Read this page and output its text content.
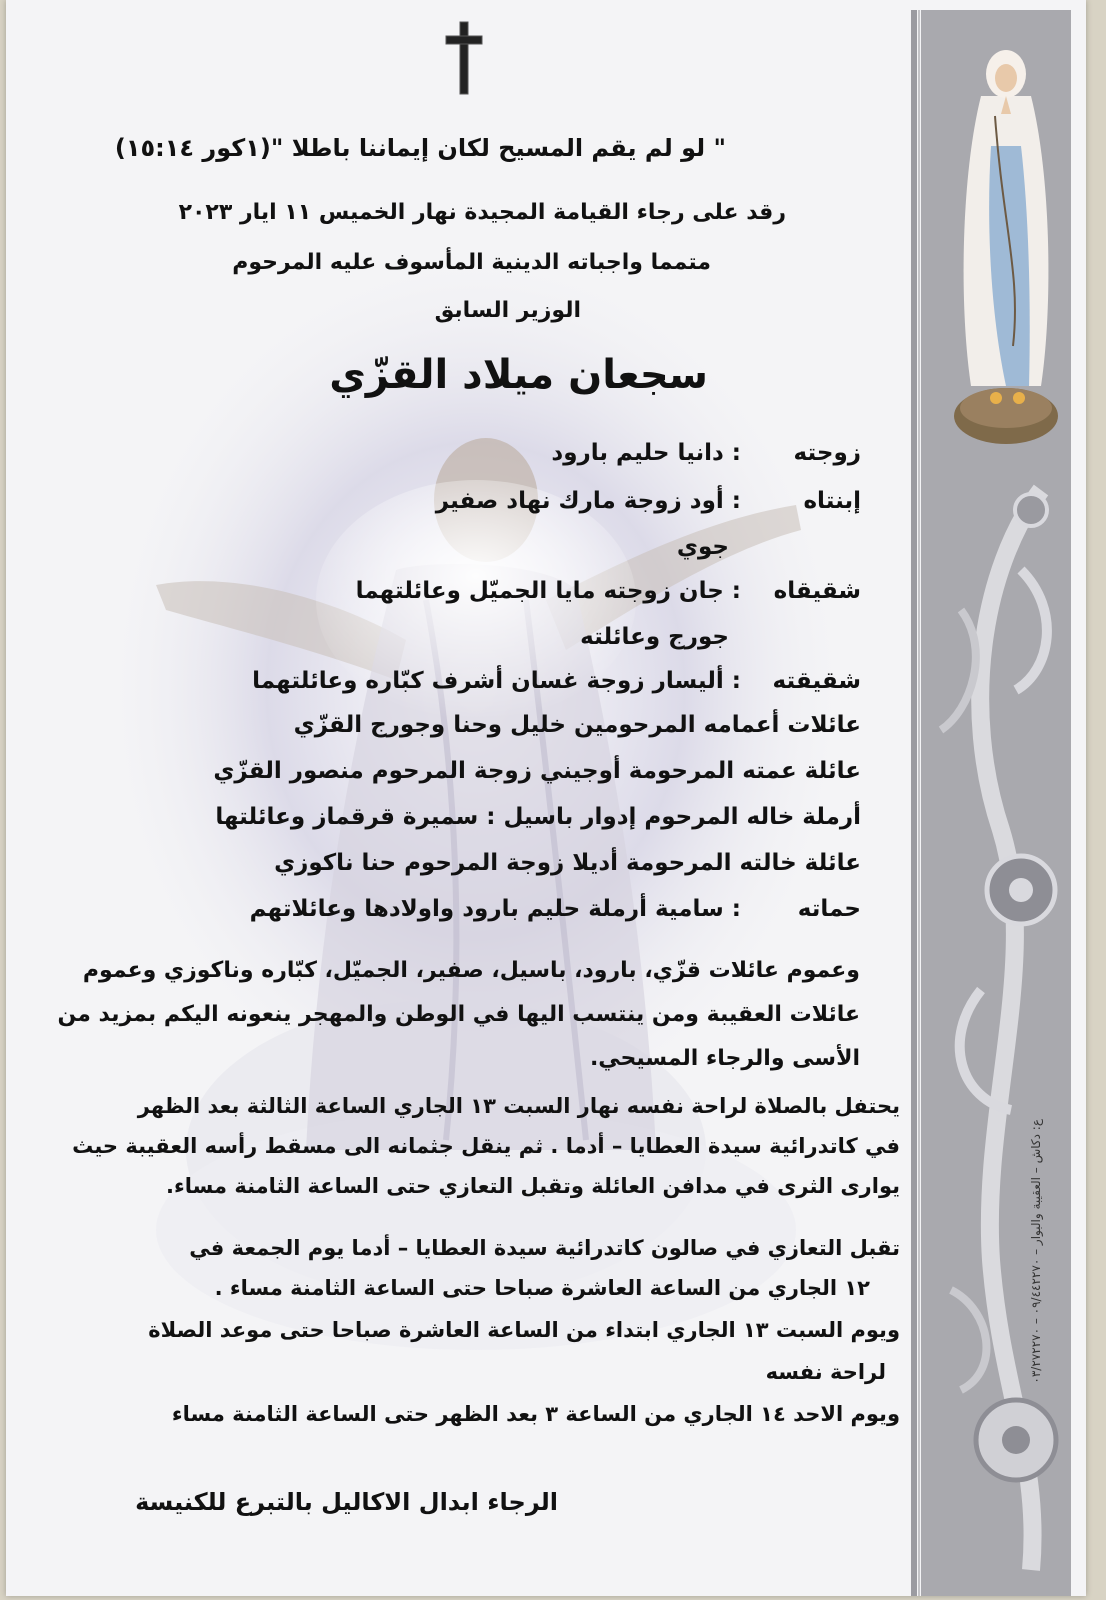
" لو لم يقم المسيح لكان إيماننا باطلا "(١كور ١٥:١٤)
رقد على رجاء القيامة المجيدة نهار الخميس ١١ ايار ٢٠٢٣
متمما واجباته الدينية المأسوف عليه المرحوم
الوزير السابق
سجعان ميلاد القزّي
زوجته
: دانيا حليم بارود
إبنتاه
: أود زوجة مارك نهاد صفير
جوي
شقيقاه
: جان زوجته مايا الجميّل وعائلتهما
جورج وعائلته
شقيقته
: أليسار زوجة غسان أشرف كبّاره وعائلتهما
عائلات أعمامه المرحومين خليل وحنا وجورج القزّي
عائلة عمته المرحومة أوجيني زوجة المرحوم منصور القزّي
أرملة خاله المرحوم إدوار باسيل : سميرة قرقماز وعائلتها
عائلة خالته المرحومة أديلا زوجة المرحوم حنا ناكوزي
حماته
: سامية أرملة حليم بارود واولادها وعائلاتهم
وعموم عائلات قزّي، بارود، باسيل، صفير، الجميّل، كبّاره وناكوزي وعموم
عائلات العقيبة ومن ينتسب اليها في الوطن والمهجر ينعونه اليكم بمزيد من
الأسى والرجاء المسيحي.
يحتفل بالصلاة لراحة نفسه نهار السبت ١٣ الجاري الساعة الثالثة بعد الظهر
في كاتدرائية سيدة العطايا – أدما . ثم ينقل جثمانه الى مسقط رأسه العقيبة حيث
يوارى الثرى في مدافن العائلة وتقبل التعازي حتى الساعة الثامنة مساء.
تقبل التعازي في صالون كاتدرائية سيدة العطايا – أدما يوم الجمعة في
١٢ الجاري من الساعة العاشرة صباحا حتى الساعة الثامنة مساء .
ويوم السبت ١٣ الجاري ابتداء من الساعة العاشرة صباحا حتى موعد الصلاة
لراحة نفسه
ويوم الاحد ١٤ الجاري من الساعة ٣ بعد الظهر حتى الساعة الثامنة مساء
الرجاء ابدال الاكاليل بالتبرع للكنيسة
